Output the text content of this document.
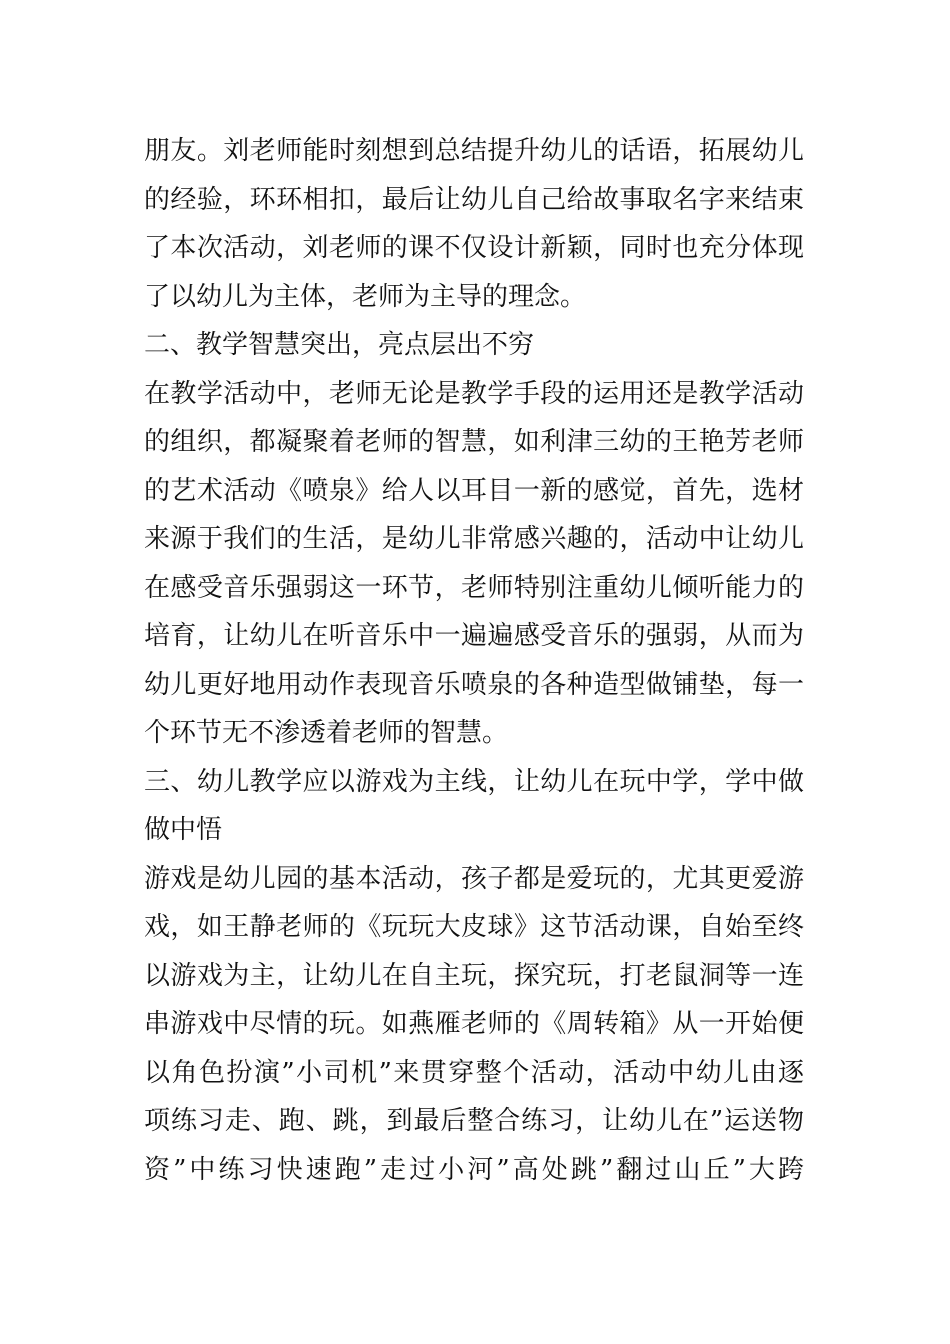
朋友。刘老师能时刻想到总结提升幼儿的话语，拓展幼儿
的经验，环环相扣，最后让幼儿自己给故事取名字来结束
了本次活动，刘老师的课不仅设计新颖，同时也充分体现
了以幼儿为主体，老师为主导的理念。
二、教学智慧突出，亮点层出不穷
在教学活动中，老师无论是教学手段的运用还是教学活动
的组织，都凝聚着老师的智慧，如利津三幼的王艳芳老师
的艺术活动《喷泉》给人以耳目一新的感觉，首先，选材
来源于我们的生活，是幼儿非常感兴趣的，活动中让幼儿
在感受音乐强弱这一环节，老师特别注重幼儿倾听能力的
培育，让幼儿在听音乐中一遍遍感受音乐的强弱，从而为
幼儿更好地用动作表现音乐喷泉的各种造型做铺垫，每一
个环节无不渗透着老师的智慧。
三、幼儿教学应以游戏为主线，让幼儿在玩中学，学中做
做中悟
游戏是幼儿园的基本活动，孩子都是爱玩的，尤其更爱游
戏，如王静老师的《玩玩大皮球》这节活动课，自始至终
以游戏为主，让幼儿在自主玩，探究玩，打老鼠洞等一连
串游戏中尽情的玩。如燕雁老师的《周转箱》从一开始便
以角色扮演”小司机”来贯穿整个活动，活动中幼儿由逐
项练习走、跑、跳，到最后整合练习，让幼儿在”运送物
资”中练习快速跑”走过小河”高处跳”翻过山丘”大跨
